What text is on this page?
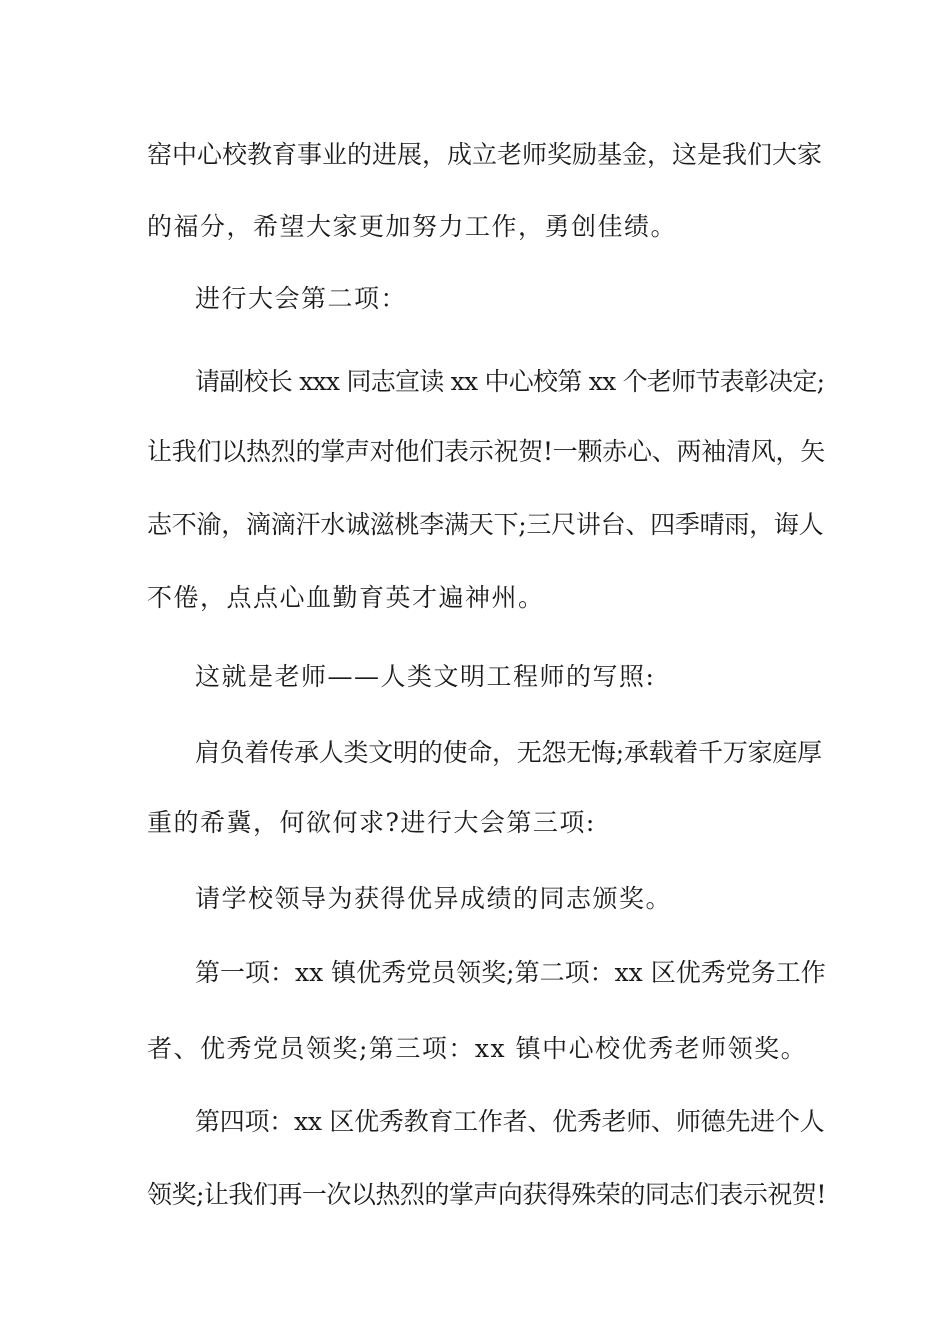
窑中心校教育事业的进展，成立老师奖励基金，这是我们大家
的福分，希望大家更加努力工作，勇创佳绩。
进行大会第二项：
请副校长 xxx 同志宣读 xx 中心校第 xx 个老师节表彰决定;
让我们以热烈的掌声对他们表示祝贺!一颗赤心、两袖清风，矢
志不渝，滴滴汗水诚滋桃李满天下;三尺讲台、四季晴雨，诲人
不倦，点点心血勤育英才遍神州。
这就是老师——人类文明工程师的写照:
肩负着传承人类文明的使命，无怨无悔;承载着千万家庭厚
重的希冀，何欲何求?进行大会第三项:
请学校领导为获得优异成绩的同志颁奖。
第一项：xx 镇优秀党员领奖;第二项：xx 区优秀党务工作
者、优秀党员领奖;第三项：xx 镇中心校优秀老师领奖。
第四项：xx 区优秀教育工作者、优秀老师、师德先进个人
领奖;让我们再一次以热烈的掌声向获得殊荣的同志们表示祝贺!
